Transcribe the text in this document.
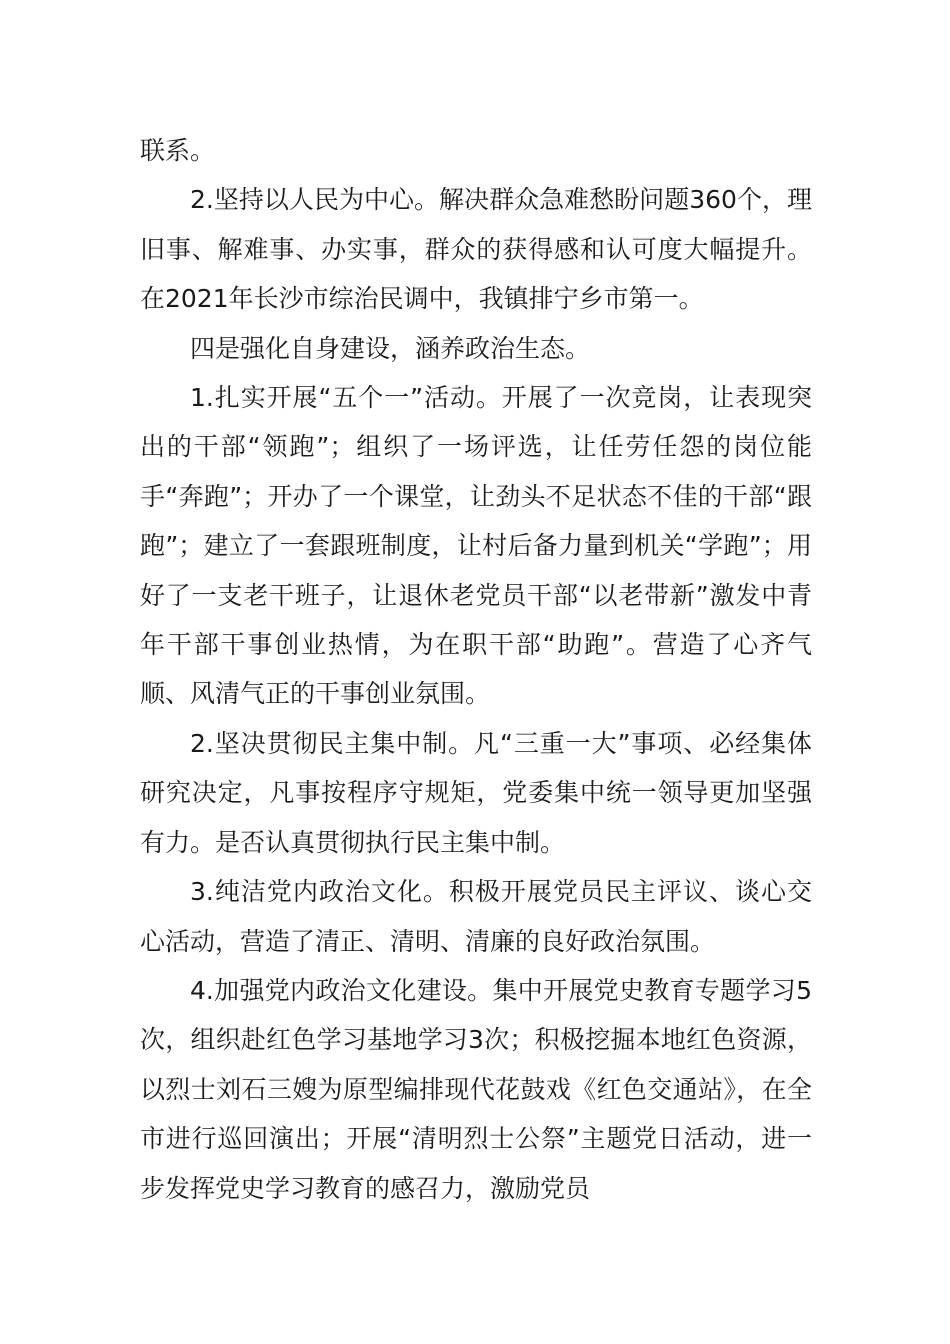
联系。

2.坚持以人民为中心。解决群众急难愁盼问题360个，理旧事、解难事、办实事，群众的获得感和认可度大幅提升。在2021年长沙市综治民调中，我镇排宁乡市第一。

四是强化自身建设，涵养政治生态。

1.扎实开展“五个一”活动。开展了一次竞岗，让表现突出的干部“领跑”；组织了一场评选，让任劳任怨的岗位能手“奔跑”；开办了一个课堂，让劲头不足状态不佳的干部“跟跑”；建立了一套跟班制度，让村后备力量到机关“学跑”；用好了一支老干班子，让退休老党员干部“以老带新”激发中青年干部干事创业热情，为在职干部“助跑”。营造了心齐气顺、风清气正的干事创业氛围。

2.坚决贯彻民主集中制。凡“三重一大”事项、必经集体研究决定，凡事按程序守规矩，党委集中统一领导更加坚强有力。是否认真贯彻执行民主集中制。

3.纯洁党内政治文化。积极开展党员民主评议、谈心交心活动，营造了清正、清明、清廉的良好政治氛围。

4.加强党内政治文化建设。集中开展党史教育专题学习5次，组织赴红色学习基地学习3次；积极挖掘本地红色资源，以烈士刘石三嫂为原型编排现代花鼓戏《红色交通站》，在全市进行巡回演出；开展“清明烈士公祭”主题党日活动，进一步发挥党史学习教育的感召力，激励党员
